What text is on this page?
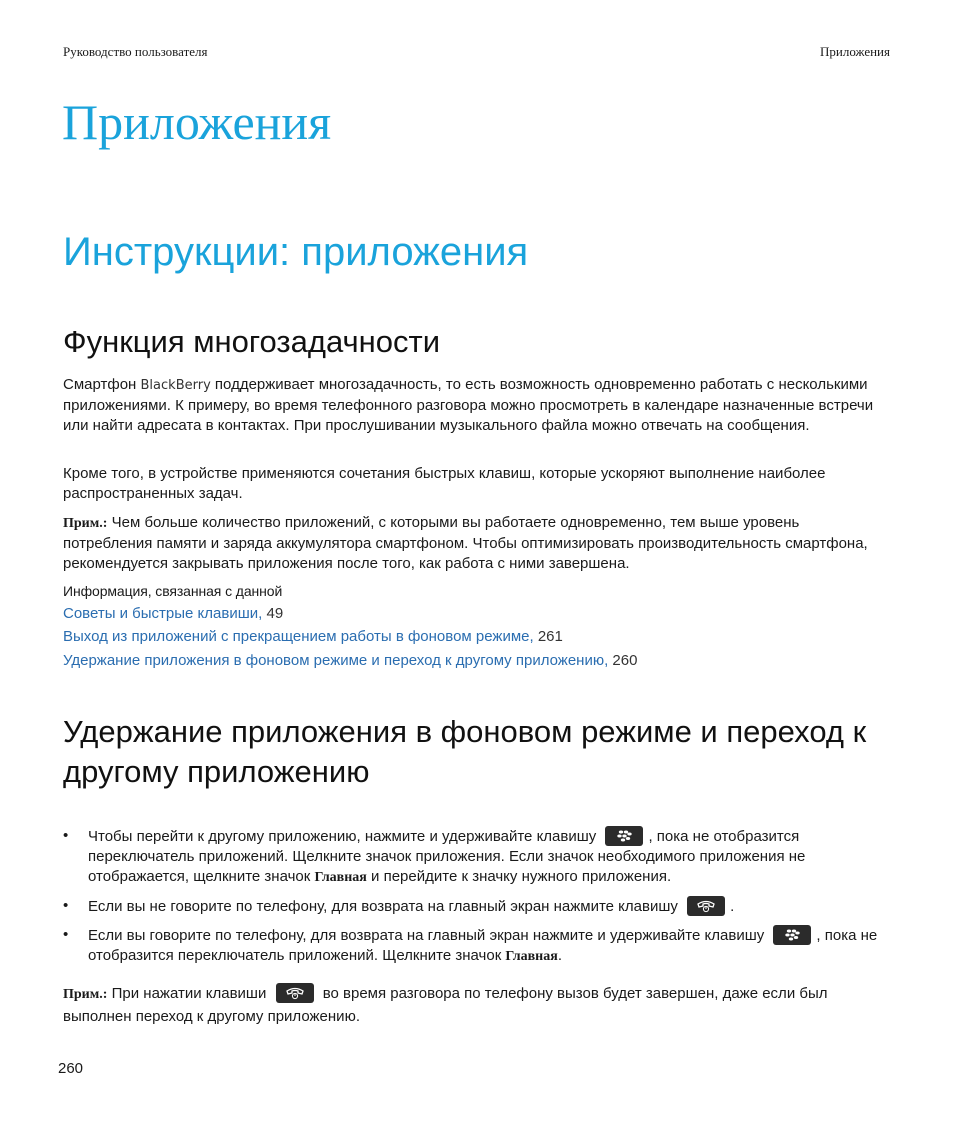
Руководство пользователя	Приложения
Приложения
Инструкции: приложения
Функция многозадачности

Смартфон BlackBerry поддерживает многозадачность, то есть возможность одновременно работать с несколькими приложениями. К примеру, во время телефонного разговора можно просмотреть в календаре назначенные встречи или найти адресата в контактах. При прослушивании музыкального файла можно отвечать на сообщения.

Кроме того, в устройстве применяются сочетания быстрых клавиш, которые ускоряют выполнение наиболее распространенных задач.

Прим.: Чем больше количество приложений, с которыми вы работаете одновременно, тем выше уровень потребления памяти и заряда аккумулятора смартфоном. Чтобы оптимизировать производительность смартфона, рекомендуется закрывать приложения после того, как работа с ними завершена.

Информация, связанная с данной
Советы и быстрые клавиши, 49
Выход из приложений с прекращением работы в фоновом режиме, 261
Удержание приложения в фоновом режиме и переход к другому приложению, 260
Удержание приложения в фоновом режиме и переход к другому приложению
• Чтобы перейти к другому приложению, нажмите и удерживайте клавишу	, пока не отобразится переключатель приложений. Щелкните значок приложения. Если значок необходимого приложения не отображается, щелкните значок Главная и перейдите к значку нужного приложения.
• Если вы не говорите по телефону, для возврата на главный экран нажмите клавишу	.
• Если вы говорите по телефону, для возврата на главный экран нажмите и удерживайте клавишу	, пока не отобразится переключатель приложений. Щелкните значок Главная.

Прим.: При нажатии клавиши	во время разговора по телефону вызов будет завершен, даже если был выполнен переход к другому приложению.

260
